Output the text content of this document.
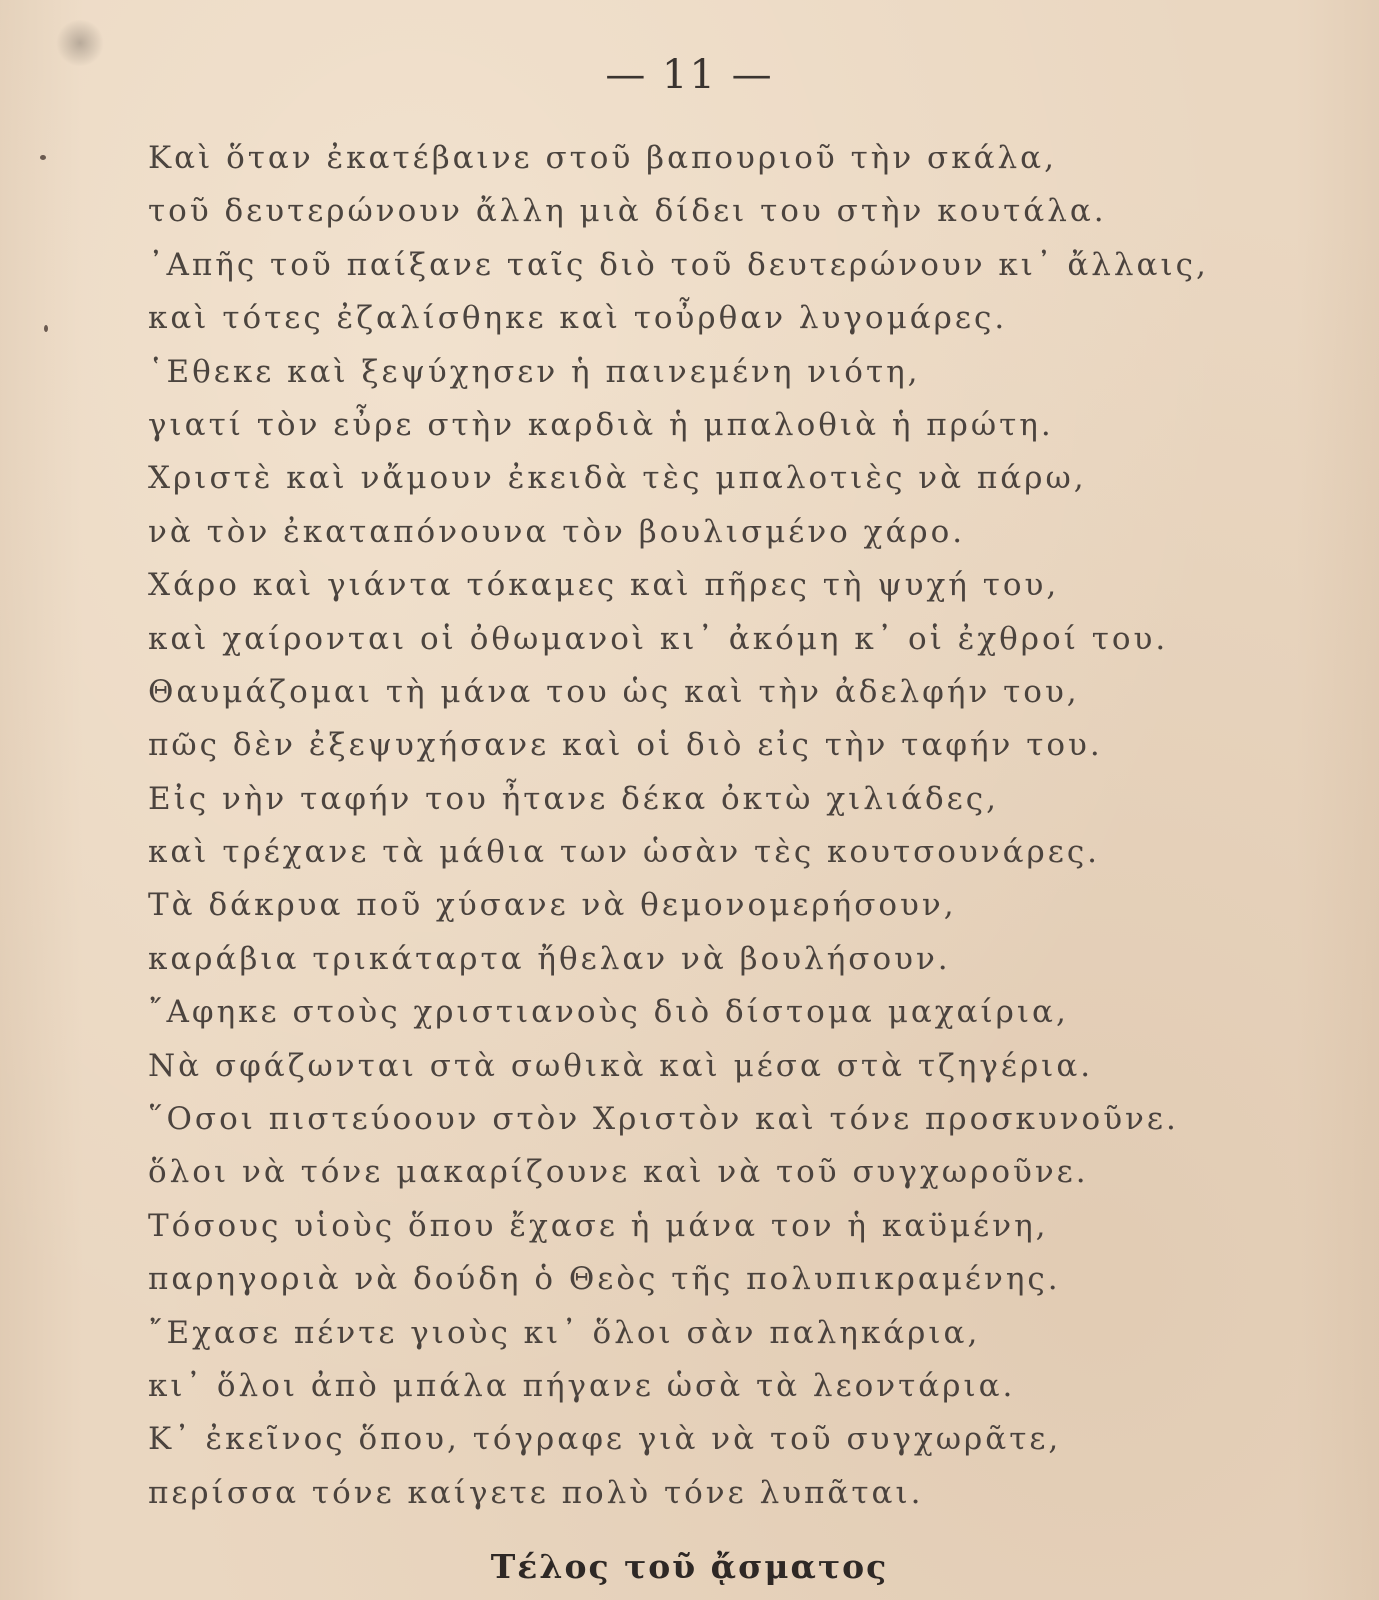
— 11 —
Καὶ ὅταν ἐκατέβαινε στοῦ βαπουριοῦ τὴν σκάλα,
τοῦ δευτερώνουν ἄλλη μιὰ δίδει του στὴν κουτάλα.
᾽Απῆς τοῦ παίξανε ταῖς διὸ τοῦ δευτερώνουν κι᾽ ἄλλαις,
καὶ τότες ἐζαλίσθηκε καὶ τοὖρθαν λυγομάρες.
῾Εθεκε καὶ ξεψύχησεν ἡ παινεμένη νιότη,
γιατί τὸν εὖρε στὴν καρδιὰ ἡ μπαλοθιὰ ἡ πρώτη.
Χριστὲ καὶ νἄμουν ἐκειδὰ τὲς μπαλοτιὲς νὰ πάρω,
νὰ τὸν ἐκαταπόνουνα τὸν βουλισμένο χάρο.
Χάρο καὶ γιάντα τόκαμες καὶ πῆρες τὴ ψυχή του,
καὶ χαίρονται οἱ ὀθωμανοὶ κι᾽ ἀκόμη κ᾽ οἱ ἐχθροί του.
Θαυμάζομαι τὴ μάνα του ὡς καὶ τὴν ἀδελφήν του,
πῶς δὲν ἐξεψυχήσανε καὶ οἱ διὸ εἰς τὴν ταφήν του.
Εἰς νὴν ταφήν του ἦτανε δέκα ὀκτὼ χιλιάδες,
καὶ τρέχανε τὰ μάθια των ὡσὰν τὲς κουτσουνάρες.
Τὰ δάκρυα ποῦ χύσανε νὰ θεμονομερήσουν,
καράβια τρικάταρτα ἤθελαν νὰ βουλήσουν.
῎Αφηκε στοὺς χριστιανοὺς διὸ δίστομα μαχαίρια,
Νὰ σφάζωνται στὰ σωθικὰ καὶ μέσα στὰ τζηγέρια.
῞Οσοι πιστεύοουν στὸν Χριστὸν καὶ τόνε προσκυνοῦνε.
ὅλοι νὰ τόνε μακαρίζουνε καὶ νὰ τοῦ συγχωροῦνε.
Τόσους υἱοὺς ὅπου ἔχασε ἡ μάνα τον ἡ καϋμένη,
παρηγοριὰ νὰ δούδη ὁ Θεὸς τῆς πολυπικραμένης.
῎Εχασε πέντε γιοὺς κι᾽ ὅλοι σὰν παληκάρια,
κι᾽ ὅλοι ἀπὸ μπάλα πήγανε ὡσὰ τὰ λεοντάρια.
Κ᾽ ἐκεῖνος ὅπου, τόγραφε γιὰ νὰ τοῦ συγχωρᾶτε,
περίσσα τόνε καίγετε πολὺ τόνε λυπᾶται.
Τέλος τοῦ ᾄσματος
